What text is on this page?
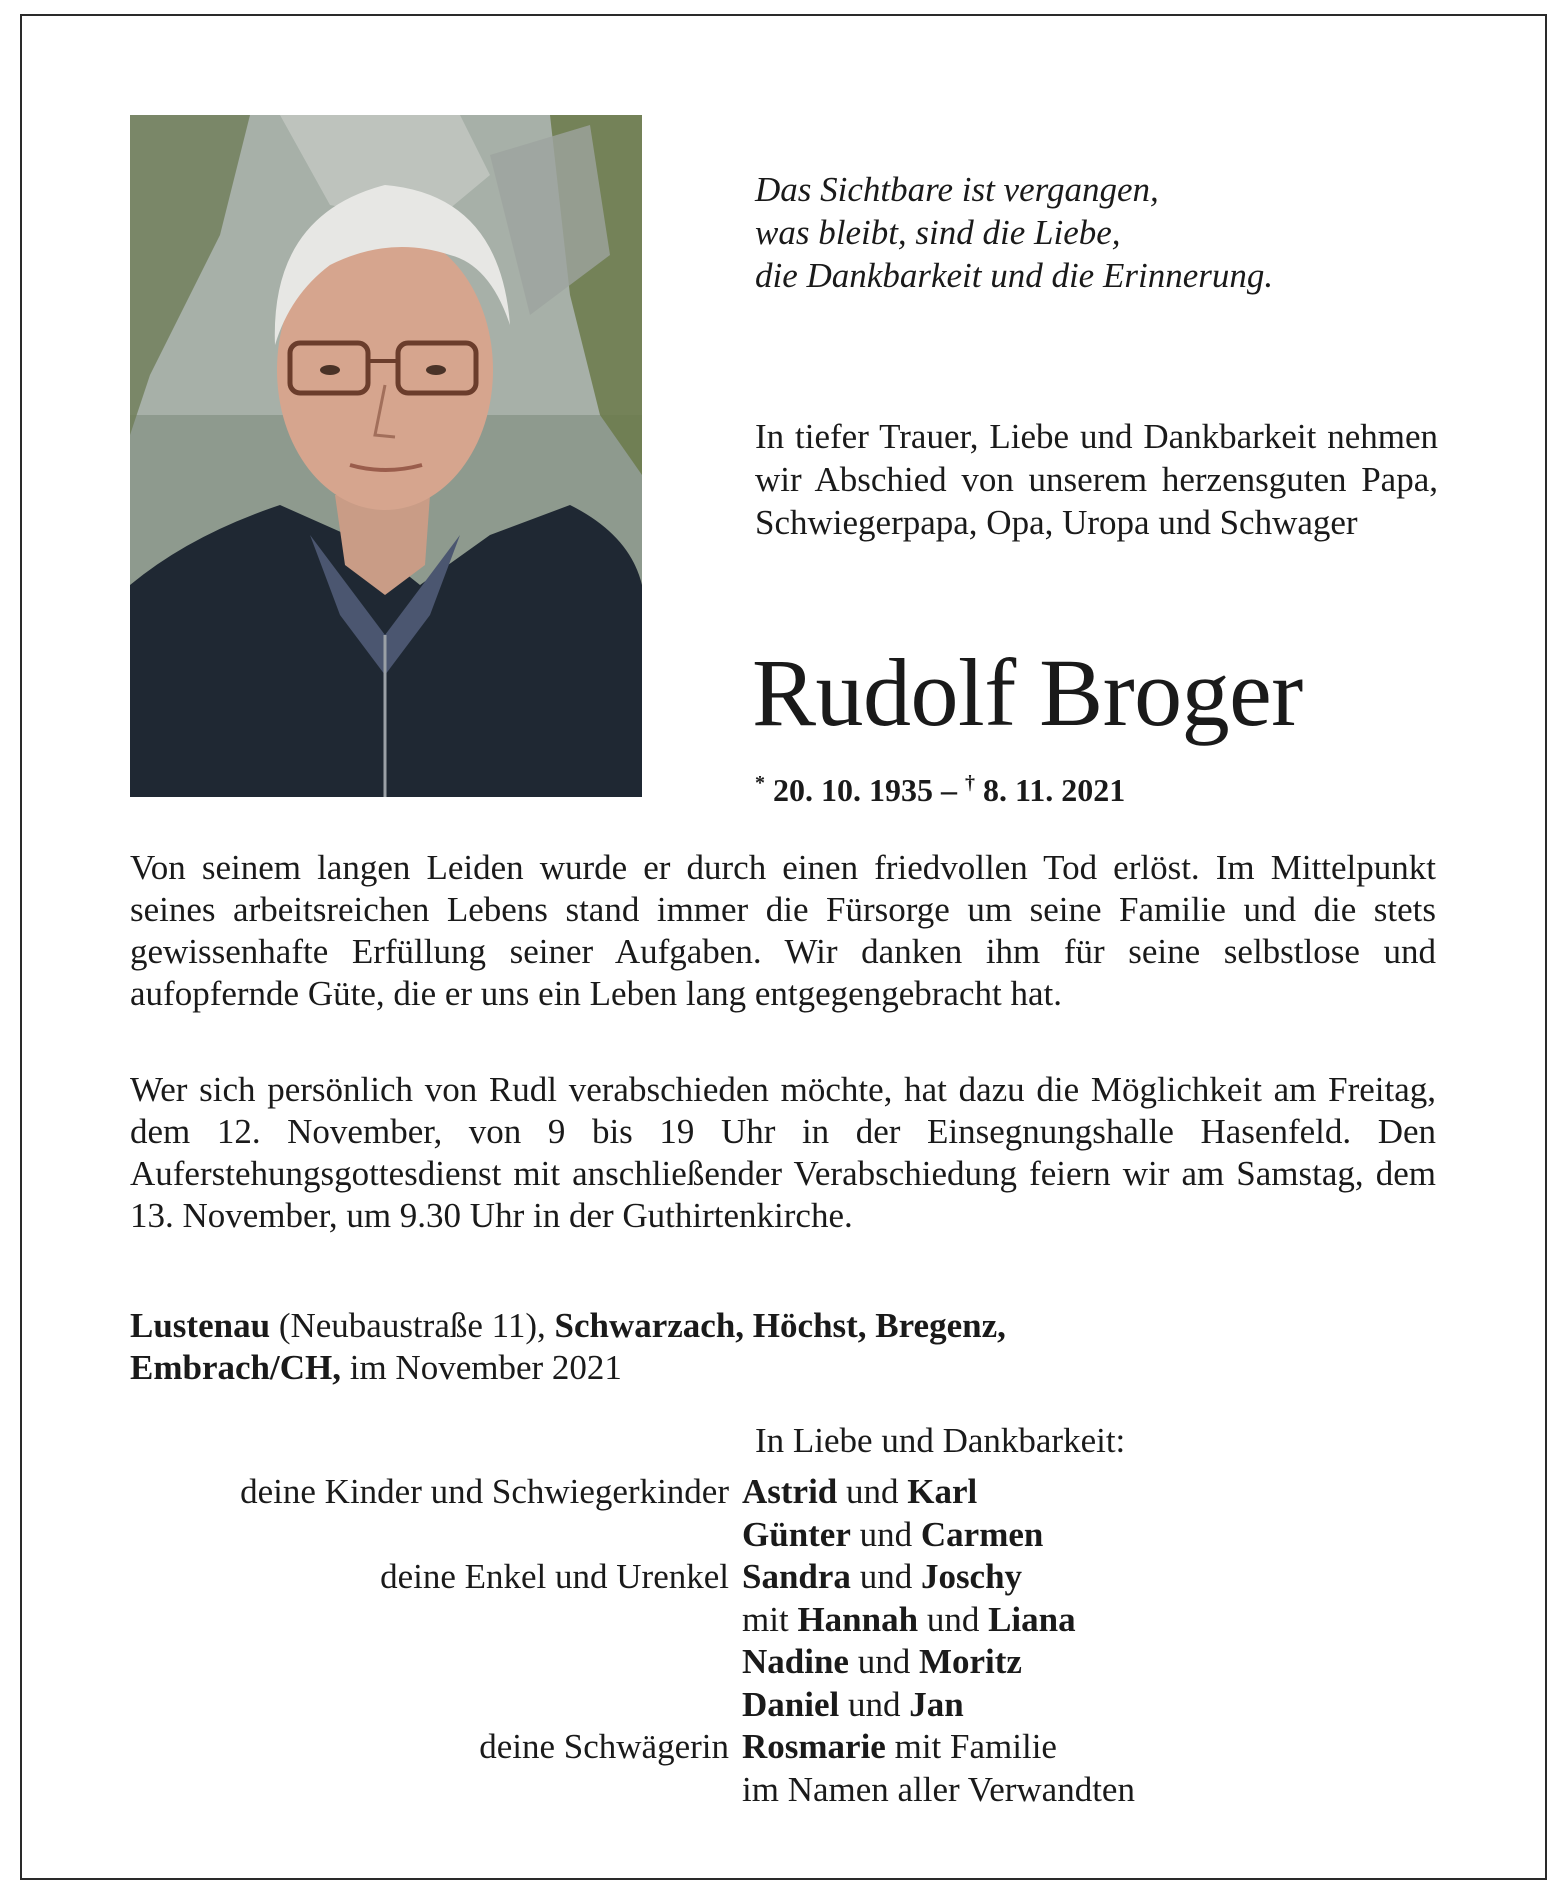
Das Sichtbare ist vergangen,
was bleibt, sind die Liebe,
die Dankbarkeit und die Erinnerung.
In tiefer Trauer, Liebe und Dankbarkeit nehmen wir Abschied von unserem herzensguten Papa, Schwiegerpapa, Opa, Uropa und Schwager
Rudolf Broger
* 20. 10. 1935 – † 8. 11. 2021
Von seinem langen Leiden wurde er durch einen friedvollen Tod erlöst. Im Mittelpunkt seines arbeitsreichen Lebens stand immer die Fürsorge um seine Familie und die stets gewissenhafte Erfüllung seiner Aufgaben. Wir danken ihm für seine selbstlose und aufopfernde Güte, die er uns ein Leben lang entgegengebracht hat.
Wer sich persönlich von Rudl verabschieden möchte, hat dazu die Möglichkeit am Freitag, dem 12. November, von 9 bis 19 Uhr in der Einsegnungshalle Hasenfeld. Den Auferstehungsgottesdienst mit anschließender Verabschiedung feiern wir am Samstag, dem 13. November, um 9.30 Uhr in der Guthirtenkirche.
Lustenau (Neubaustraße 11), Schwarzach, Höchst, Bregenz,
Embrach/CH, im November 2021
In Liebe und Dankbarkeit:
deine Kinder und Schwiegerkinder Astrid und Karl
Günter und Carmen
deine Enkel und Urenkel Sandra und Joschy
mit Hannah und Liana
Nadine und Moritz
Daniel und Jan
deine Schwägerin Rosmarie mit Familie
im Namen aller Verwandten
